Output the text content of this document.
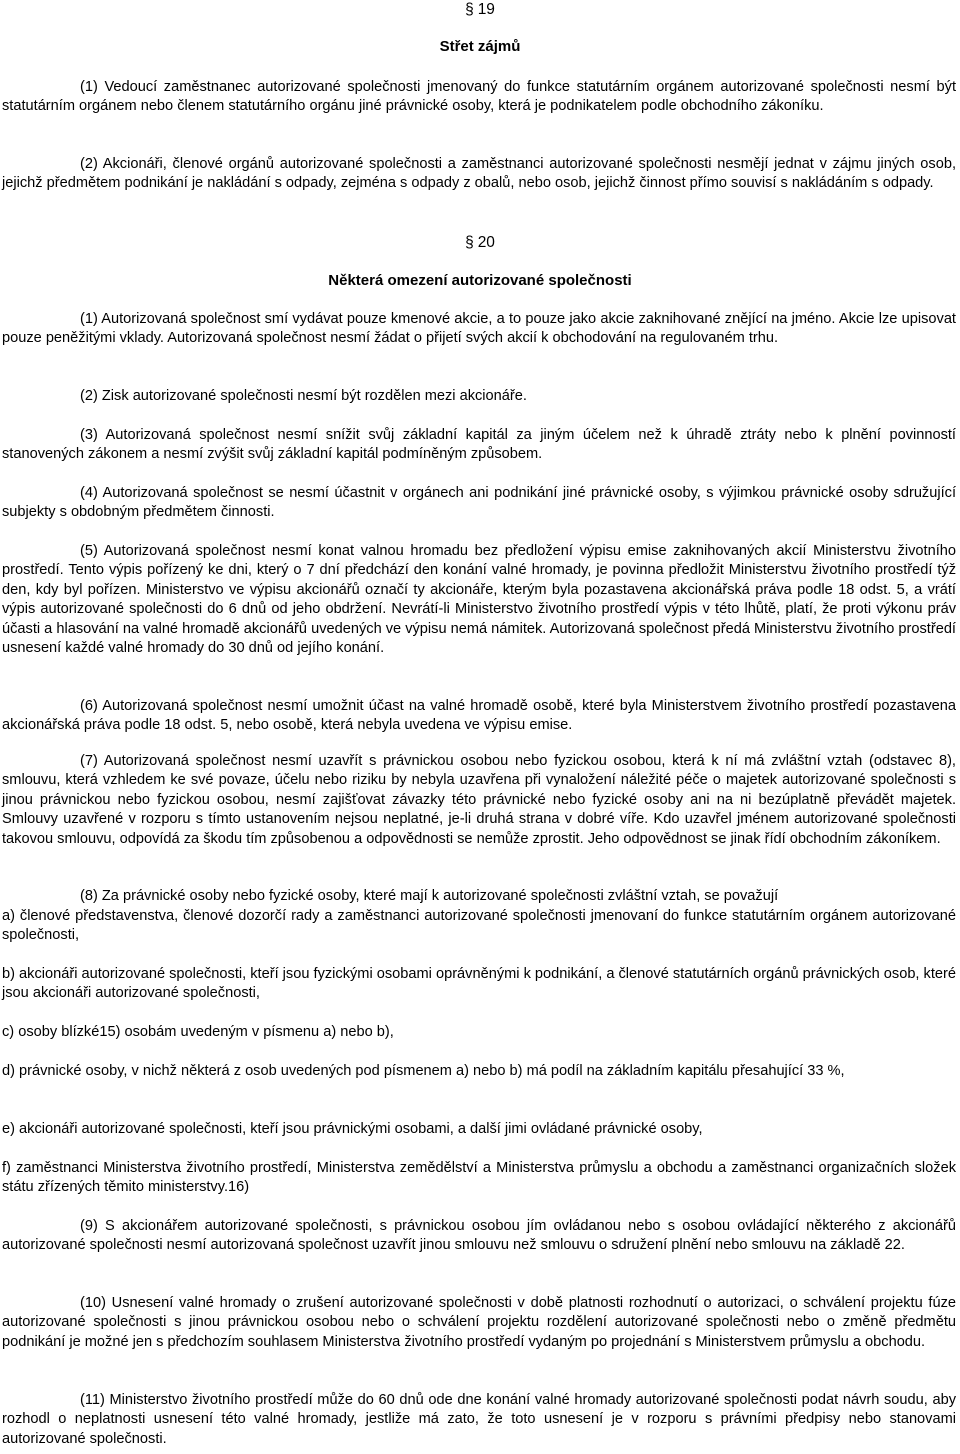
§ 19
Střet zájmů

(1) Vedoucí zaměstnanec autorizované společnosti jmenovaný do funkce statutárním orgánem autorizované společnosti nesmí být statutárním orgánem nebo členem statutárního orgánu jiné právnické osoby, která je podnikatelem podle obchodního zákoníku.

(2) Akcionáři, členové orgánů autorizované společnosti a zaměstnanci autorizované společnosti nesmějí jednat v zájmu jiných osob, jejichž předmětem podnikání je nakládání s odpady, zejména s odpady z obalů, nebo osob, jejichž činnost přímo souvisí s nakládáním s odpady.

§ 20
Některá omezení autorizované společnosti

(1) Autorizovaná společnost smí vydávat pouze kmenové akcie, a to pouze jako akcie zaknihované znějící na jméno. Akcie lze upisovat pouze peněžitými vklady. Autorizovaná společnost nesmí žádat o přijetí svých akcií k obchodování na regulovaném trhu.

(2) Zisk autorizované společnosti nesmí být rozdělen mezi akcionáře.

(3) Autorizovaná společnost nesmí snížit svůj základní kapitál za jiným účelem než k úhradě ztráty nebo k plnění povinností stanovených zákonem a nesmí zvýšit svůj základní kapitál podmíněným způsobem.

(4) Autorizovaná společnost se nesmí účastnit v orgánech ani podnikání jiné právnické osoby, s výjimkou právnické osoby sdružující subjekty s obdobným předmětem činnosti.

(5) Autorizovaná společnost nesmí konat valnou hromadu bez předložení výpisu emise zaknihovaných akcií Ministerstvu životního prostředí. Tento výpis pořízený ke dni, který o 7 dní předchází den konání valné hromady, je povinna předložit Ministerstvu životního prostředí týž den, kdy byl pořízen. Ministerstvo ve výpisu akcionářů označí ty akcionáře, kterým byla pozastavena akcionářská práva podle 18 odst. 5, a vrátí výpis autorizované společnosti do 6 dnů od jeho obdržení. Nevrátí-li Ministerstvo životního prostředí výpis v této lhůtě, platí, že proti výkonu práv účasti a hlasování na valné hromadě akcionářů uvedených ve výpisu nemá námitek. Autorizovaná společnost předá Ministerstvu životního prostředí usnesení každé valné hromady do 30 dnů od jejího konání.

(6) Autorizovaná společnost nesmí umožnit účast na valné hromadě osobě, které byla Ministerstvem životního prostředí pozastavena akcionářská práva podle 18 odst. 5, nebo osobě, která nebyla uvedena ve výpisu emise.

(7) Autorizovaná společnost nesmí uzavřít s právnickou osobou nebo fyzickou osobou, která k ní má zvláštní vztah (odstavec 8), smlouvu, která vzhledem ke své povaze, účelu nebo riziku by nebyla uzavřena při vynaložení náležité péče o majetek autorizované společnosti s jinou právnickou nebo fyzickou osobou, nesmí zajišťovat závazky této právnické nebo fyzické osoby ani na ni bezúplatně převádět majetek. Smlouvy uzavřené v rozporu s tímto ustanovením nejsou neplatné, je-li druhá strana v dobré víře. Kdo uzavřel jménem autorizované společnosti takovou smlouvu, odpovídá za škodu tím způsobenou a odpovědnosti se nemůže zprostit. Jeho odpovědnost se jinak řídí obchodním zákoníkem.

(8) Za právnické osoby nebo fyzické osoby, které mají k autorizované společnosti zvláštní vztah, se považují

a) členové představenstva, členové dozorčí rady a zaměstnanci autorizované společnosti jmenovaní do funkce statutárním orgánem autorizované společnosti,

b) akcionáři autorizované společnosti, kteří jsou fyzickými osobami oprávněnými k podnikání, a členové statutárních orgánů právnických osob, které jsou akcionáři autorizované společnosti,

c) osoby blízké15) osobám uvedeným v písmenu a) nebo b),

d) právnické osoby, v nichž některá z osob uvedených pod písmenem a) nebo b) má podíl na základním kapitálu přesahující 33 %,

e) akcionáři autorizované společnosti, kteří jsou právnickými osobami, a další jimi ovládané právnické osoby,

f) zaměstnanci Ministerstva životního prostředí, Ministerstva zemědělství a Ministerstva průmyslu a obchodu a zaměstnanci organizačních složek státu zřízených těmito ministerstvy.16)

(9) S akcionářem autorizované společnosti, s právnickou osobou jím ovládanou nebo s osobou ovládající některého z akcionářů autorizované společnosti nesmí autorizovaná společnost uzavřít jinou smlouvu než smlouvu o sdružení plnění nebo smlouvu na základě 22.

(10) Usnesení valné hromady o zrušení autorizované společnosti v době platnosti rozhodnutí o autorizaci, o schválení projektu fúze autorizované společnosti s jinou právnickou osobou nebo o schválení projektu rozdělení autorizované společnosti nebo o změně předmětu podnikání je možné jen s předchozím souhlasem Ministerstva životního prostředí vydaným po projednání s Ministerstvem průmyslu a obchodu.

(11) Ministerstvo životního prostředí může do 60 dnů ode dne konání valné hromady autorizované společnosti podat návrh soudu, aby rozhodl o neplatnosti usnesení této valné hromady, jestliže má zato, že toto usnesení je v rozporu s právními předpisy nebo stanovami autorizované společnosti.
